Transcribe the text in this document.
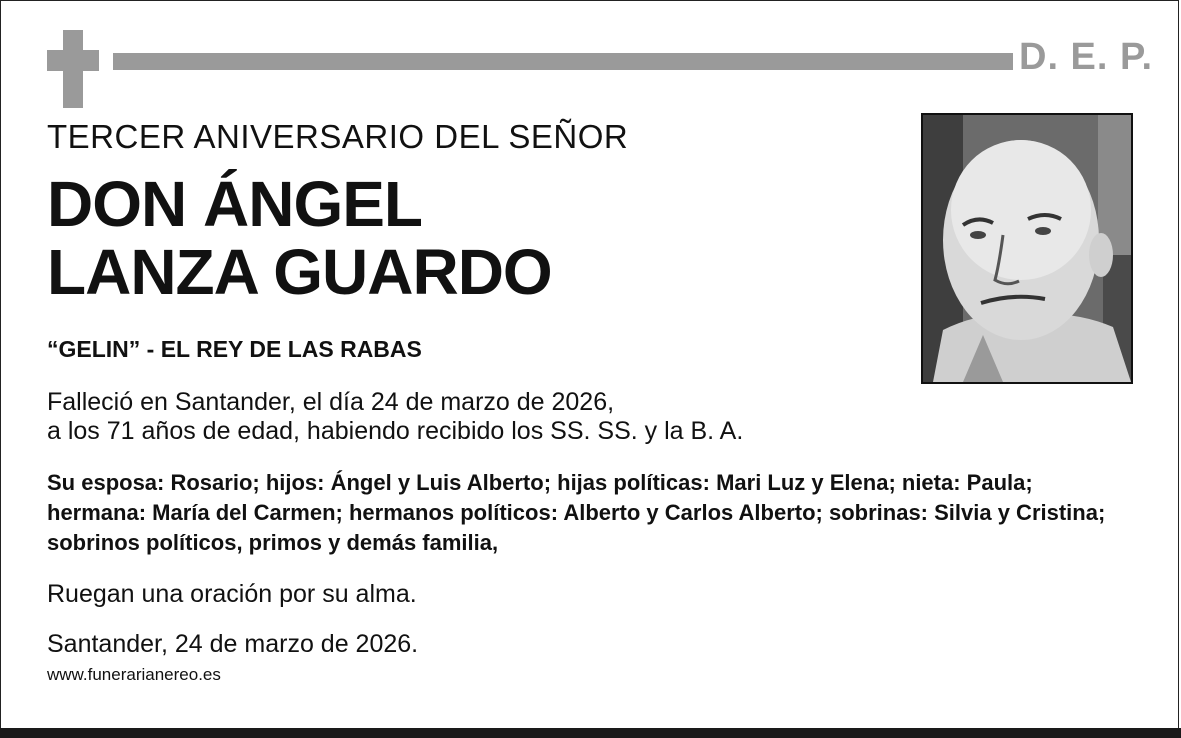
D. E. P.
TERCER ANIVERSARIO DEL SEÑOR
DON ÁNGEL
LANZA GUARDO
“GELIN” - EL REY DE LAS RABAS
Falleció en Santander, el día 24 de marzo de 2026,
a los 71 años de edad, habiendo recibido los SS. SS. y la B. A.
Su esposa: Rosario; hijos: Ángel y Luis Alberto; hijas políticas: Mari Luz y Elena; nieta: Paula; hermana: María del Carmen; hermanos políticos: Alberto y Carlos Alberto; sobrinas: Silvia y Cristina; sobrinos políticos, primos y demás familia,
Ruegan una oración por su alma.
Santander, 24 de marzo de 2026.
www.funerarianereo.es
